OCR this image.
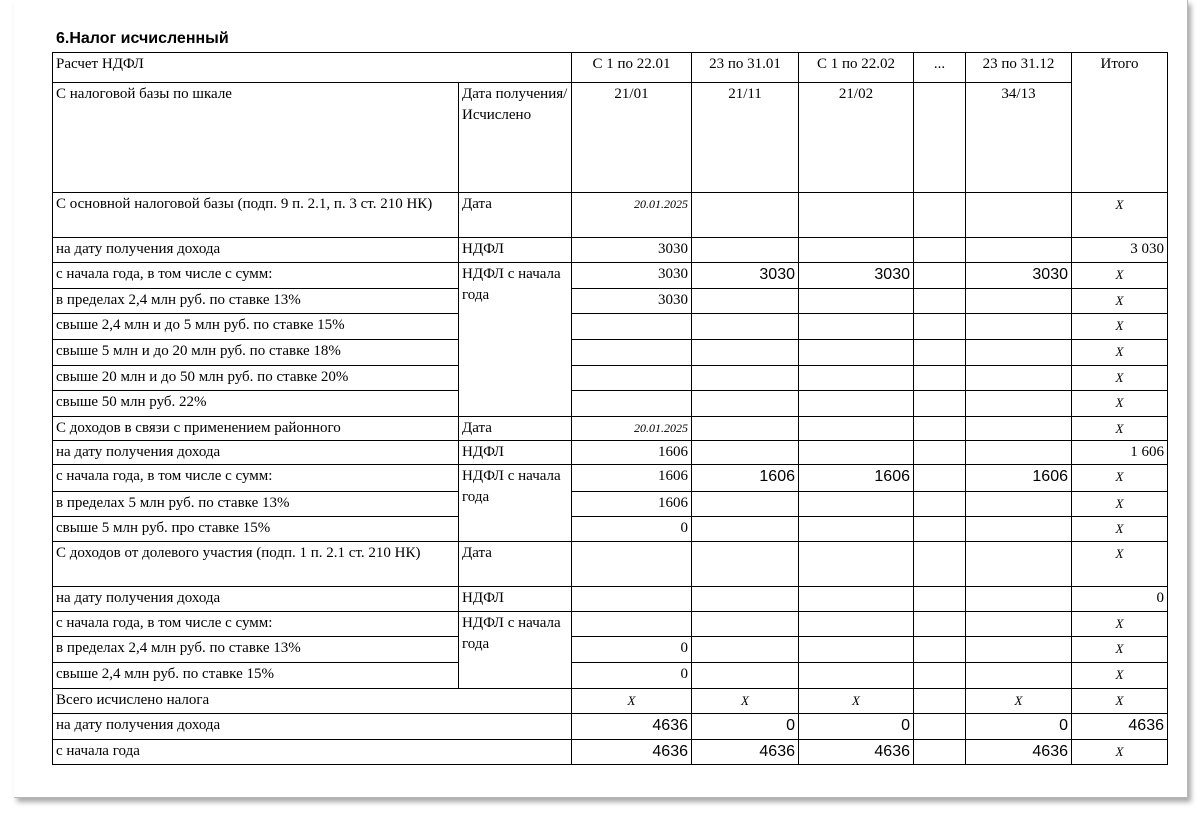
6.Налог исчисленный
Расчет НДФЛ		С 1 по 22.01	23 по 31.01	С 1 по 22.02	...	23 по 31.12	Итого
С налоговой базы по шкале	Дата получения/Исчислено	21/01	21/11	21/02		34/13	
С основной налоговой базы (подп. 9 п. 2.1, п. 3 ст. 210 НК)	Дата	20.01.2025					X
на дату получения дохода	НДФЛ	3030					3 030
с начала года, в том числе с сумм:	НДФЛ с начала года	3030	3030	3030		3030	X
в пределах 2,4 млн руб. по ставке 13%		3030					X
свыше 2,4 млн и до 5 млн руб. по ставке 15%							X
свыше 5 млн и до 20 млн руб. по ставке 18%							X
свыше 20 млн и до 50 млн руб. по ставке 20%							X
свыше 50 млн руб. 22%							X
С доходов в связи с применением районного	Дата	20.01.2025					X
на дату получения дохода	НДФЛ	1606					1 606
с начала года, в том числе с сумм:	НДФЛ с начала года	1606	1606	1606		1606	X
в пределах 5 млн руб. по ставке 13%		1606					X
свыше 5 млн руб. про ставке 15%		0					X
С доходов от долевого участия (подп. 1 п. 2.1 ст. 210 НК)	Дата						X
на дату получения дохода	НДФЛ						0
с начала года, в том числе с сумм:	НДФЛ с начала года						X
в пределах 2,4 млн руб. по ставке 13%		0					X
свыше 2,4 млн руб. по ставке 15%		0					X
Всего исчислено налога		X	X	X		X	X
на дату получения дохода		4636	0	0		0	4636
с начала года		4636	4636	4636		4636	X
